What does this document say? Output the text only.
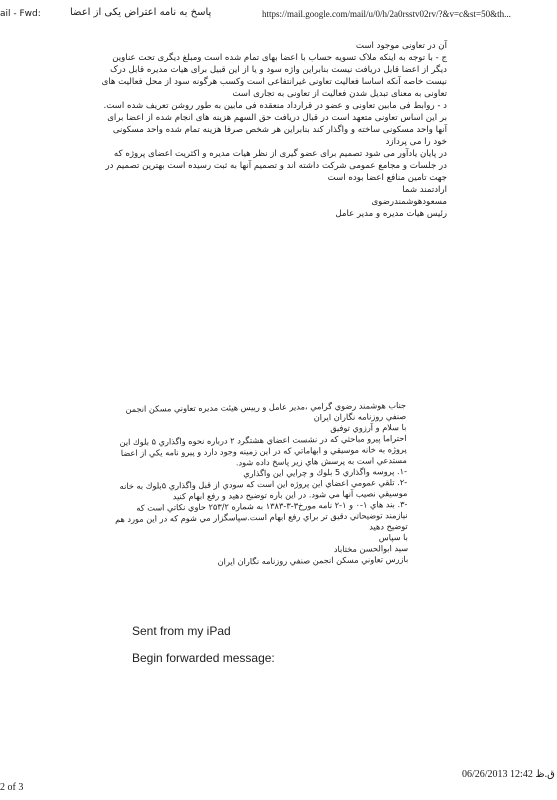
ail - Fwd:	پاسخ به نامه اعتراض یکی از اعضا	https://mail.google.com/mail/u/0/h/2a0rsstv02rv/?&v=c&st=50&th...
آن در تعاونی موجود است
ج - با توجه به اینکه ملاک تسویه حساب با اعضا بهای تمام شده است ومبلغ دیگری تحت عناوین
دیگر از اعضا قابل دریافت نیست بنابراین واژه سود و یا از این قبیل برای هیات مدیره قابل درک
نیست خاصه آنکه اساسا فعالیت تعاونی غیرانتفاعی است وکسب هرگونه سود از محل فعالیت های
تعاونی به معنای تبدیل شدن فعالیت از تعاونی به تجاری است
د - روابط فی مابین تعاونی و عضو در قرارداد منعقده فی مابین به طور روشن تعریف شده است.
بر این اساس تعاونی متعهد است در قبال دریافت حق السهم هزینه های انجام شده از اعضا برای
آنها واحد مسکونی ساخته و واگذار کند بنابراین هر شخص صرفا هزینه تمام شده واحد مسکونی
خود را می پردازد
در پایان یادآور می شود تصمیم برای عضو گیری از نظر هیات مدیره و اکثریت اعضای پروژه که
در جلسات و مجامع عمومی شرکت داشته اند و تصمیم آنها به ثبت رسیده است بهترین تصمیم در
جهت تامین منافع اعضا بوده است
ارادتمند شما
مسعودهوشمندرضوی
رئیس هیات مدیره و مدیر عامل
جناب هوشمند رضوي گرامي ،مدير عامل و رييس هيئت مديره تعاوني مسكن انجمن
صنفي روزنامه نگاران ايران
با سلام و آرزوي توفيق
احتراما پيرو مباحثي كه در نشست اعضاي هشتگرد ۲ درباره نحوه واگذاري ۵ بلوك اين
پروژه به خانه موسيقي و ابهاماتي كه در اين زمينه وجود دارد و پيرو نامه يكي از اعضا
مستدعي است به پرسش هاي زير پاسخ داده شود.
-۱. پروسه واگذاري 5 بلوك و چرايي اين واگذاري
-۲. تلقي عمومي اعضاي اين پروژه اين است كه سودي از قبل واگذاري ۵بلوك به خانه
موسيقي نصيب آنها مي شود. در اين باره توضيح دهيد و رفع ابهام كنيد
-۳. بند هاي ۱-۰ و ۱-۲ نامه مورخ۳-۳-۱۳۸۳ به شماره ۲۵۳/۲ حاوي نكاتي است كه
نيازمند توضيحاتي دقيق تر براي رفع ابهام است.سپاسگزار مي شوم كه در اين مورد هم
توضيح دهيد
با سپاس
سيد ابوالحسن مختاباد
بازرس تعاوني مسكن انجمن صنفي روزنامه نگاران ايران
Sent from my iPad
Begin forwarded message:
2 of 3
06/26/2013 12:42 ق.ظ
